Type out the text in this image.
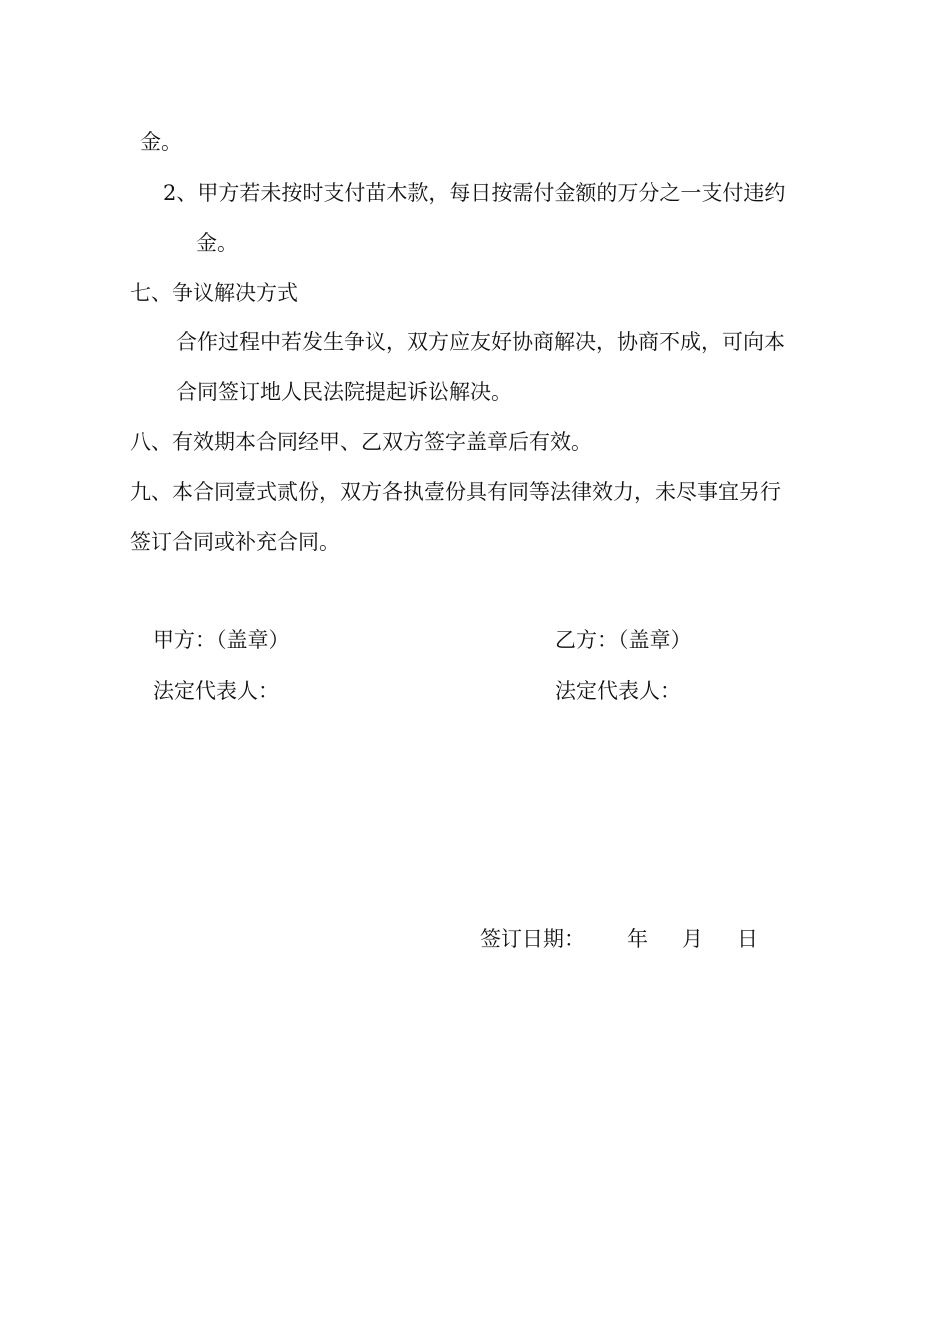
金。
2、甲方若未按时支付苗木款，每日按需付金额的万分之一支付违约
金。
七、争议解决方式
合作过程中若发生争议，双方应友好协商解决，协商不成，可向本
合同签订地人民法院提起诉讼解决。
八、有效期本合同经甲、乙双方签字盖章后有效。
九、本合同壹式贰份，双方各执壹份具有同等法律效力，未尽事宜另行
签订合同或补充合同。
甲方：（盖章）	乙方：（盖章）
法定代表人：	法定代表人：
签订日期： 年 月 日
